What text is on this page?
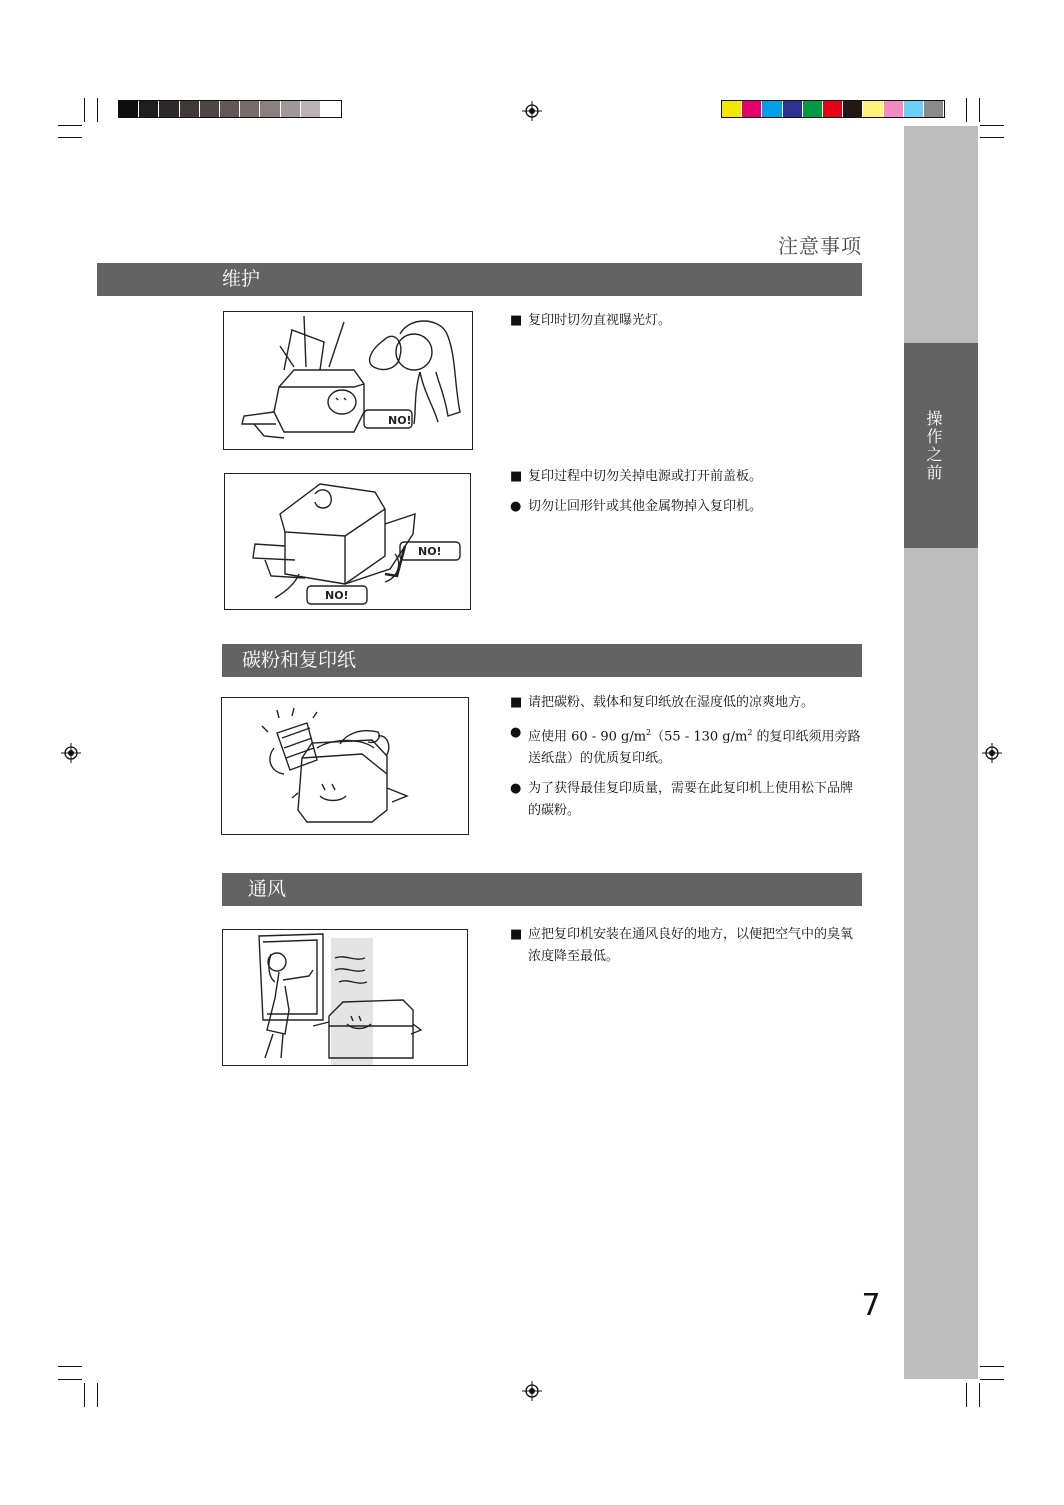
操作之前
注意事项
维护
NO!
■ 复印时切勿直视曝光灯。
NO!
NO!
■ 复印过程中切勿关掉电源或打开前盖板。
● 切勿让回形针或其他金属物掉入复印机。
碳粉和复印纸
■ 请把碳粉、载体和复印纸放在湿度低的凉爽地方。
● 应使用 60 - 90 $g/m^2(55 - 130$ $g/m^2$ 的复印纸须用旁路送纸盘）的优质复印纸。
● 为了获得最佳复印质量，需要在此复印机上使用松下品牌的碳粉。
通风
■ 应把复印机安装在通风良好的地方，以便把空气中的臭氧浓度降至最低。
7
